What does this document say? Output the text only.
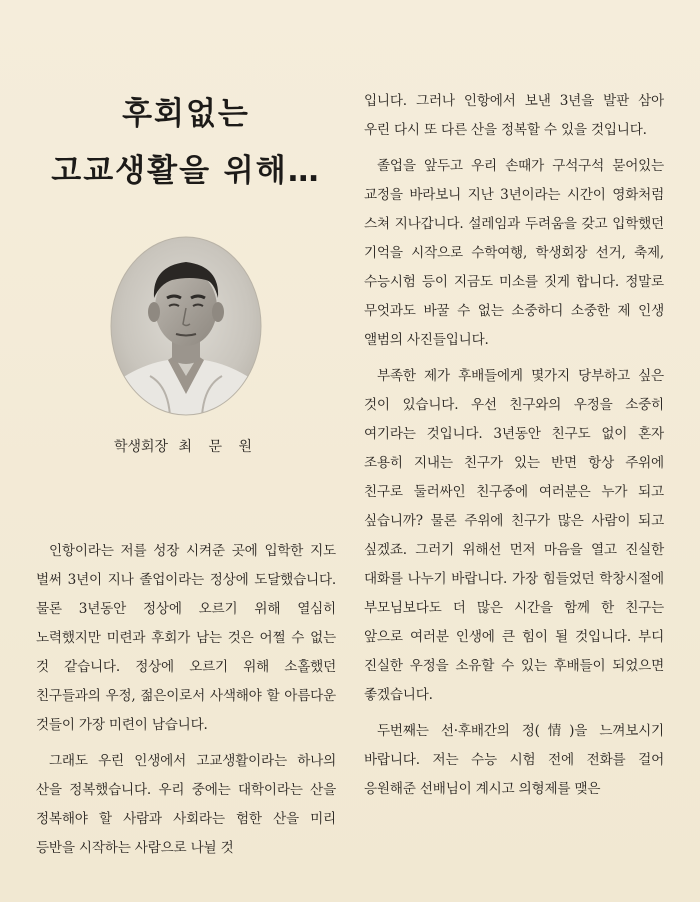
후회없는
고교생활을 위해…
학생회장 최 문 원

인항이라는 저를 성장 시켜준 곳에 입학한 지도 벌써 3년이 지나 졸업이라는 정상에 도달했습니다. 물론 3년동안 정상에 오르기 위해 열심히 노력했지만 미련과 후회가 남는 것은 어쩔 수 없는 것 같습니다. 정상에 오르기 위해 소홀했던 친구들과의 우정, 젊은이로서 사색해야 할 아름다운 것들이 가장 미련이 남습니다.

그래도 우린 인생에서 고교생활이라는 하나의 산을 정복했습니다. 우리 중에는 대학이라는 산을 정복해야 할 사람과 사회라는 험한 산을 미리 등반을 시작하는 사람으로 나뉠 것

입니다. 그러나 인항에서 보낸 3년을 발판 삼아 우린 다시 또 다른 산을 정복할 수 있을 것입니다.

졸업을 앞두고 우리 손때가 구석구석 묻어있는 교정을 바라보니 지난 3년이라는 시간이 영화처럼 스쳐 지나갑니다. 설레임과 두려움을 갖고 입학했던 기억을 시작으로 수학여행, 학생회장 선거, 축제, 수능시험 등이 지금도 미소를 짓게 합니다. 정말로 무엇과도 바꿀 수 없는 소중하디 소중한 제 인생 앨범의 사진들입니다.

부족한 제가 후배들에게 몇가지 당부하고 싶은 것이 있습니다. 우선 친구와의 우정을 소중히 여기라는 것입니다. 3년동안 친구도 없이 혼자 조용히 지내는 친구가 있는 반면 항상 주위에 친구로 둘러싸인 친구중에 여러분은 누가 되고 싶습니까? 물론 주위에 친구가 많은 사람이 되고 싶겠죠. 그러기 위해선 먼저 마음을 열고 진실한 대화를 나누기 바랍니다. 가장 힘들었던 학창시절에 부모님보다도 더 많은 시간을 함께 한 친구는 앞으로 여러분 인생에 큰 힘이 될 것입니다. 부디 진실한 우정을 소유할 수 있는 후배들이 되었으면 좋겠습니다.

두번째는 선·후배간의 정(情)을 느껴보시기 바랍니다. 저는 수능 시험 전에 전화를 걸어 응원해준 선배님이 계시고 의형제를 맺은
